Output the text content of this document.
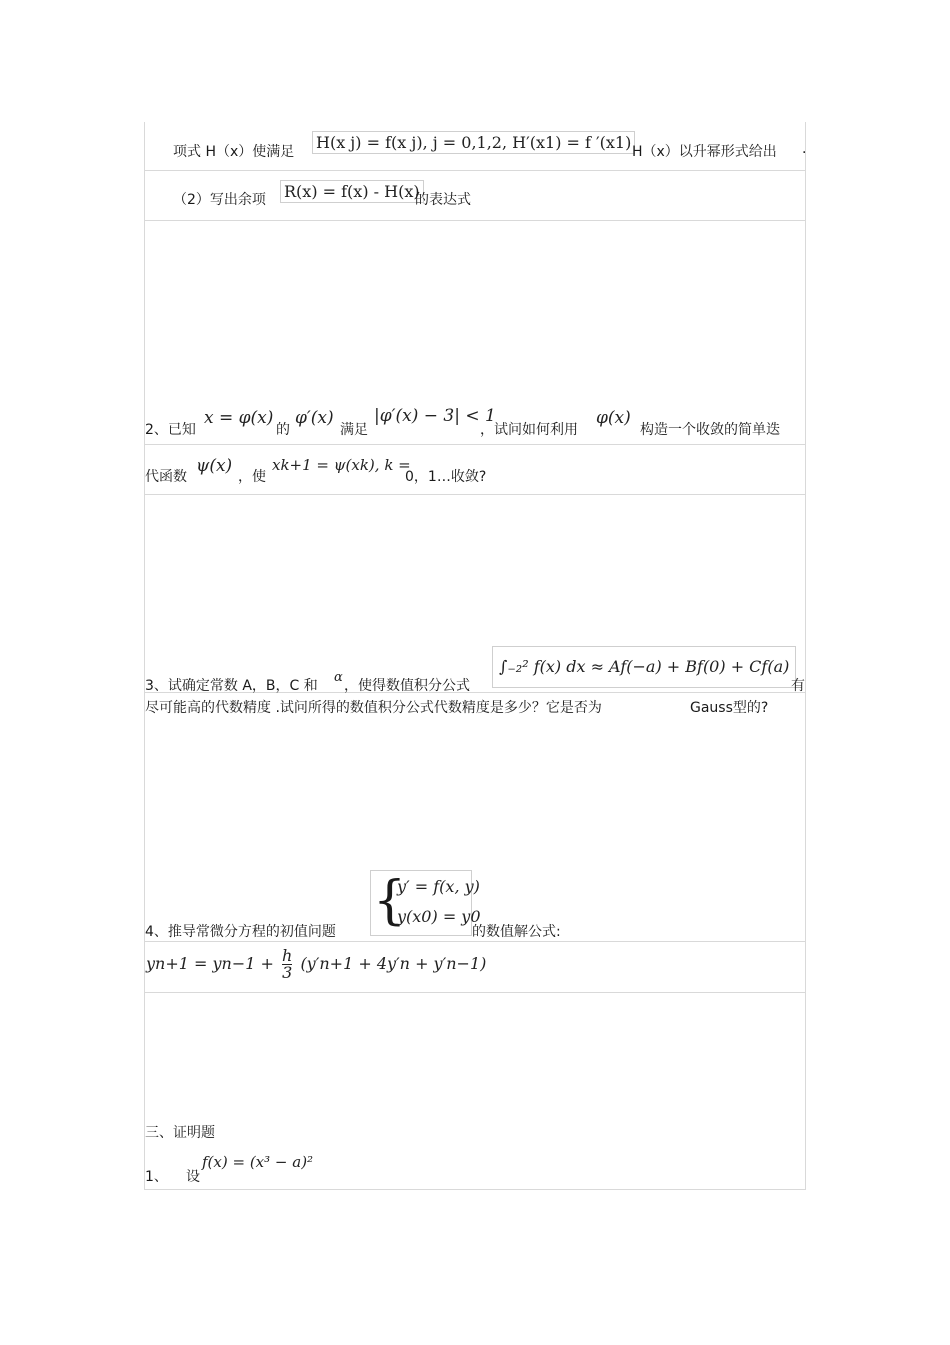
项式 H（x）使满足 H(x j) = f(x j), j = 0,1,2, H′(x1) = f ′(x1) H（x）以升幂形式给出 .
（2）写出余项 R(x) = f(x) - H(x)
的表达式
2、已知
x = φ(x)
的
φ′(x)
满足
|φ′(x) − 3| < 1
，试问如何利用
φ(x)
构造一个收敛的简单迭
代函数
ψ(x)
，使
xk+1 = ψ(xk), k =
0，1…收敛?
3、试确定常数 A，B，C 和
α
，使得数值积分公式
∫₋₂² f(x) dx ≈ Af(−a) + Bf(0) + Cf(a)
有
尽可能高的代数精度 .试问所得的数值积分公式代数精度是多少？它是否为	Gauss型的?
4、推导常微分方程的初值问题
{
y′ = f(x, y)
y(x0) = y0
的数值解公式:
$yn+1 = yn-1 + \frac{h}{3} (y'n+1 + 4y'n + y'n-1)$
三、证明题
1、 设
f(x) = (x³ − a)²
